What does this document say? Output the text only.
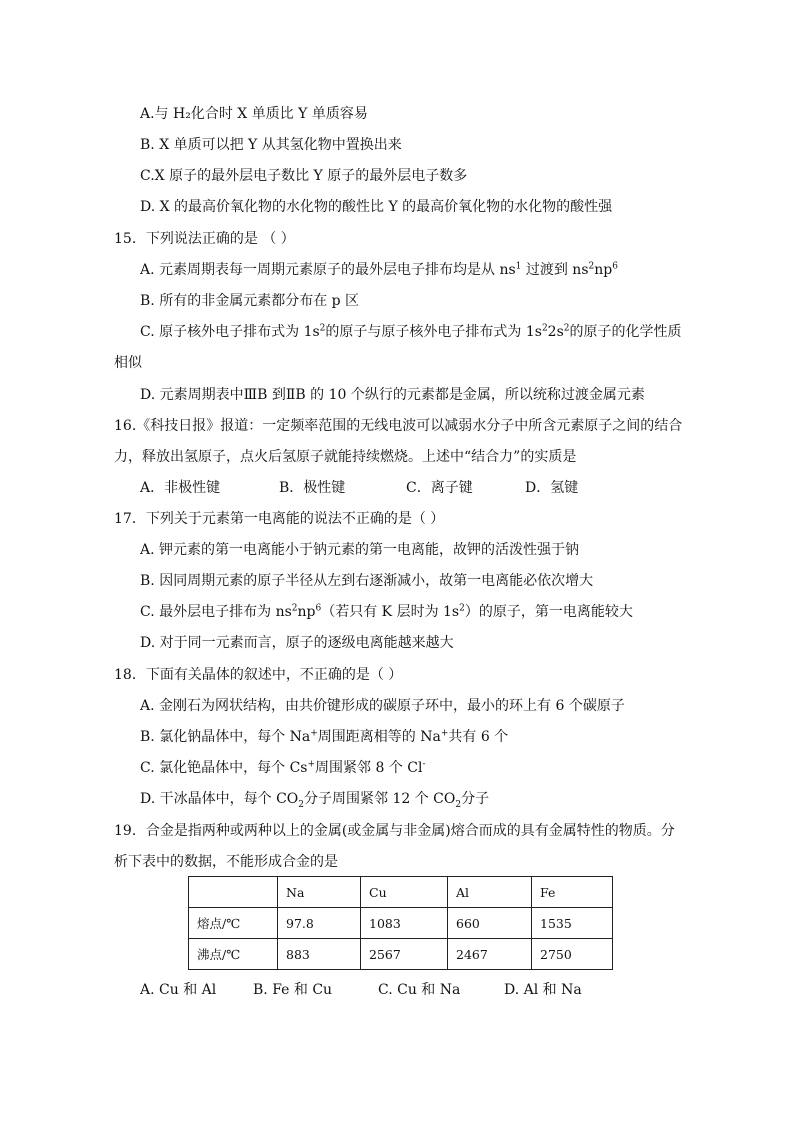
A.与 H₂化合时 X 单质比 Y 单质容易
B. X 单质可以把 Y 从其氢化物中置换出来
C.X 原子的最外层电子数比 Y 原子的最外层电子数多
D. X 的最高价氧化物的水化物的酸性比 Y 的最高价氧化物的水化物的酸性强
15．下列说法正确的是 （ ）
A. 元素周期表每一周期元素原子的最外层电子排布均是从 $ns^1$ 过渡到 $ns^2np^6$
B. 所有的非金属元素都分布在 p 区
C. 原子核外电子排布式为 $1s^2$的原子与原子核外电子排布式为 $1s^22s^2$的原子的化学性质
相似
D. 元素周期表中ⅢB 到ⅡB 的 10 个纵行的元素都是金属，所以统称过渡金属元素
16.《科技日报》报道：一定频率范围的无线电波可以减弱水分子中所含元素原子之间的结合
力，释放出氢原子，点火后氢原子就能持续燃烧。上述中“结合力”的实质是
A．非极性键	B．极性键	C．离子键	D．氢键
17．下列关于元素第一电离能的说法不正确的是（ ）
A. 钾元素的第一电离能小于钠元素的第一电离能，故钾的活泼性强于钠
B. 因同周期元素的原子半径从左到右逐渐减小，故第一电离能必依次增大
C. 最外层电子排布为 $ns^2np^6$（若只有 K 层时为 $1s^2$）的原子，第一电离能较大
D. 对于同一元素而言，原子的逐级电离能越来越大
18．下面有关晶体的叙述中，不正确的是（ ）
A. 金刚石为网状结构，由共价键形成的碳原子环中，最小的环上有 6 个碳原子
B. 氯化钠晶体中，每个 Na+周围距离相等的 Na+共有 6 个
C. 氯化铯晶体中，每个 Cs+周围紧邻 8 个 Cl-
D. 干冰晶体中，每个 $CO_2$分子周围紧邻 12 个 $CO_2$分子
19．合金是指两种或两种以上的金属(或金属与非金属)熔合而成的具有金属特性的物质。分
析下表中的数据，不能形成合金的是
	Na	Cu	Al	Fe
熔点/℃	97.8	1083	660	1535
沸点/℃	883	2567	2467	2750
A. Cu 和 Al	B. Fe 和 Cu	C. Cu 和 Na	D. Al 和 Na
